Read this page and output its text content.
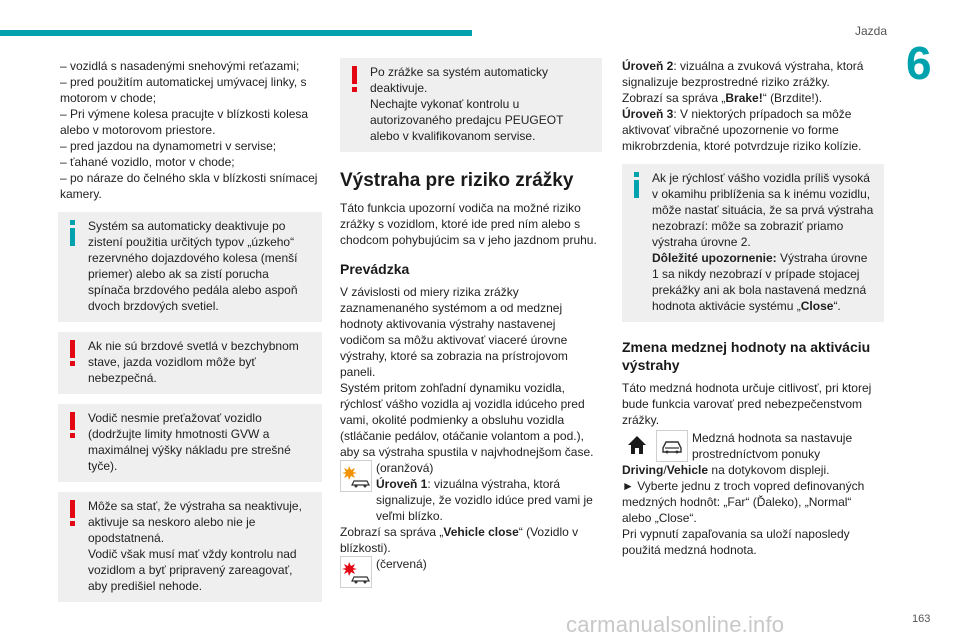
Jazda
6

– vozidlá s nasadenými snehovými reťazami;

– pred použitím automatickej umývacej linky, s motorom v chode;

– Pri výmene kolesa pracujte v blízkosti kolesa alebo v motorovom priestore.

– pred jazdou na dynamometri v servise;

– ťahané vozidlo, motor v chode;

– po náraze do čelného skla v blízkosti snímacej kamery.

Systém sa automaticky deaktivuje po zistení použitia určitých typov „úzkeho“ rezervného dojazdového kolesa (menší priemer) alebo ak sa zistí porucha spínača brzdového pedála alebo aspoň dvoch brzdových svetiel.

Ak nie sú brzdové svetlá v bezchybnom stave, jazda vozidlom môže byť nebezpečná.

Vodič nesmie preťažovať vozidlo (dodržujte limity hmotnosti GVW a maximálnej výšky nákladu pre strešné tyče).

Môže sa stať, že výstraha sa neaktivuje, aktivuje sa neskoro alebo nie je opodstatnená.

Vodič však musí mať vždy kontrolu nad vozidlom a byť pripravený zareagovať, aby predišiel nehode.

Po zrážke sa systém automaticky deaktivuje.

Nechajte vykonať kontrolu u autorizovaného predajcu PEUGEOT alebo v kvalifikovanom servise.

Výstraha pre riziko zrážky

Táto funkcia upozorní vodiča na možné riziko zrážky s vozidlom, ktoré ide pred ním alebo s chodcom pohybujúcim sa v jeho jazdnom pruhu.

Prevádzka

V závislosti od miery rizika zrážky zaznamenaného systémom a od medznej hodnoty aktivovania výstrahy nastavenej vodičom sa môžu aktivovať viaceré úrovne výstrahy, ktoré sa zobrazia na prístrojovom paneli.

Systém pritom zohľadní dynamiku vozidla, rýchlosť vášho vozidla aj vozidla idúceho pred vami, okolité podmienky a obsluhu vozidla (stláčanie pedálov, otáčanie volantom a pod.), aby sa výstraha spustila v najvhodnejšom čase.

(oranžová)

Úroveň 1: vizuálna výstraha, ktorá signalizuje, že vozidlo idúce pred vami je veľmi blízko.

Zobrazí sa správa „Vehicle close“ (Vozidlo v blízkosti).

(červená)

Úroveň 2: vizuálna a zvuková výstraha, ktorá signalizuje bezprostredné riziko zrážky.

Zobrazí sa správa „Brake!“ (Brzdite!).

Úroveň 3: V niektorých prípadoch sa môže aktivovať vibračné upozornenie vo forme mikrobrzdenia, ktoré potvrdzuje riziko kolízie.

Ak je rýchlosť vášho vozidla príliš vysoká v okamihu priblíženia sa k inému vozidlu, môže nastať situácia, že sa prvá výstraha nezobrazí: môže sa zobraziť priamo výstraha úrovne 2.

Dôležité upozornenie: Výstraha úrovne 1 sa nikdy nezobrazí v prípade stojacej prekážky ani ak bola nastavená medzná hodnota aktivácie systému „Close“.

Zmena medznej hodnoty na aktiváciu výstrahy

Táto medzná hodnota určuje citlivosť, pri ktorej bude funkcia varovať pred nebezpečenstvom zrážky.

Medzná hodnota sa nastavuje prostredníctvom ponuky

Driving/Vehicle na dotykovom displeji.

► Vyberte jednu z troch vopred definovaných medzných hodnôt: „Far“ (Ďaleko), „Normal“ alebo „Close“.

Pri vypnutí zapaľovania sa uloží naposledy použitá medzná hodnota.

carmanualsonline.info	163
